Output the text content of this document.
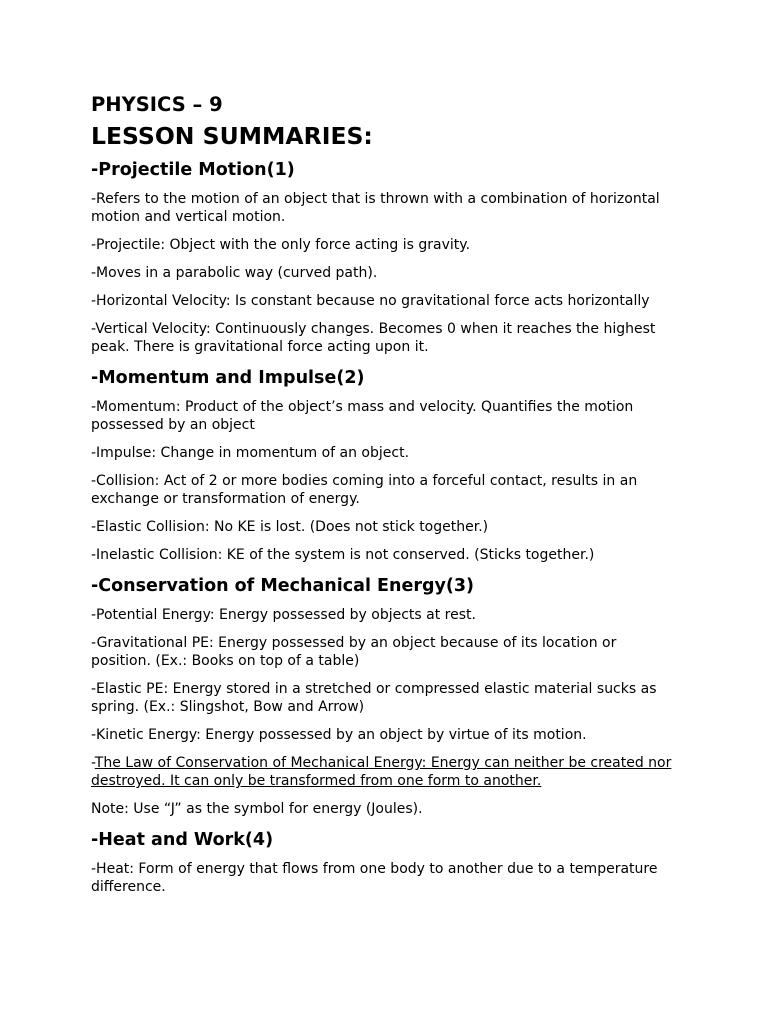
PHYSICS – 9
LESSON SUMMARIES:
-Projectile Motion(1)

-Refers to the motion of an object that is thrown with a combination of horizontal motion and vertical motion.

-Projectile: Object with the only force acting is gravity.

-Moves in a parabolic way (curved path).

-Horizontal Velocity: Is constant because no gravitational force acts horizontally

-Vertical Velocity: Continuously changes. Becomes 0 when it reaches the highest peak. There is gravitational force acting upon it.

-Momentum and Impulse(2)

-Momentum: Product of the object’s mass and velocity. Quantifies the motion possessed by an object

-Impulse: Change in momentum of an object.

-Collision: Act of 2 or more bodies coming into a forceful contact, results in an exchange or transformation of energy.

-Elastic Collision: No KE is lost. (Does not stick together.)

-Inelastic Collision: KE of the system is not conserved. (Sticks together.)

-Conservation of Mechanical Energy(3)

-Potential Energy: Energy possessed by objects at rest.

-Gravitational PE: Energy possessed by an object because of its location or position. (Ex.: Books on top of a table)

-Elastic PE: Energy stored in a stretched or compressed elastic material sucks as spring. (Ex.: Slingshot, Bow and Arrow)

-Kinetic Energy: Energy possessed by an object by virtue of its motion.

-The Law of Conservation of Mechanical Energy: Energy can neither be created nor destroyed. It can only be transformed from one form to another.

Note: Use “J” as the symbol for energy (Joules).

-Heat and Work(4)

-Heat: Form of energy that flows from one body to another due to a temperature difference.
